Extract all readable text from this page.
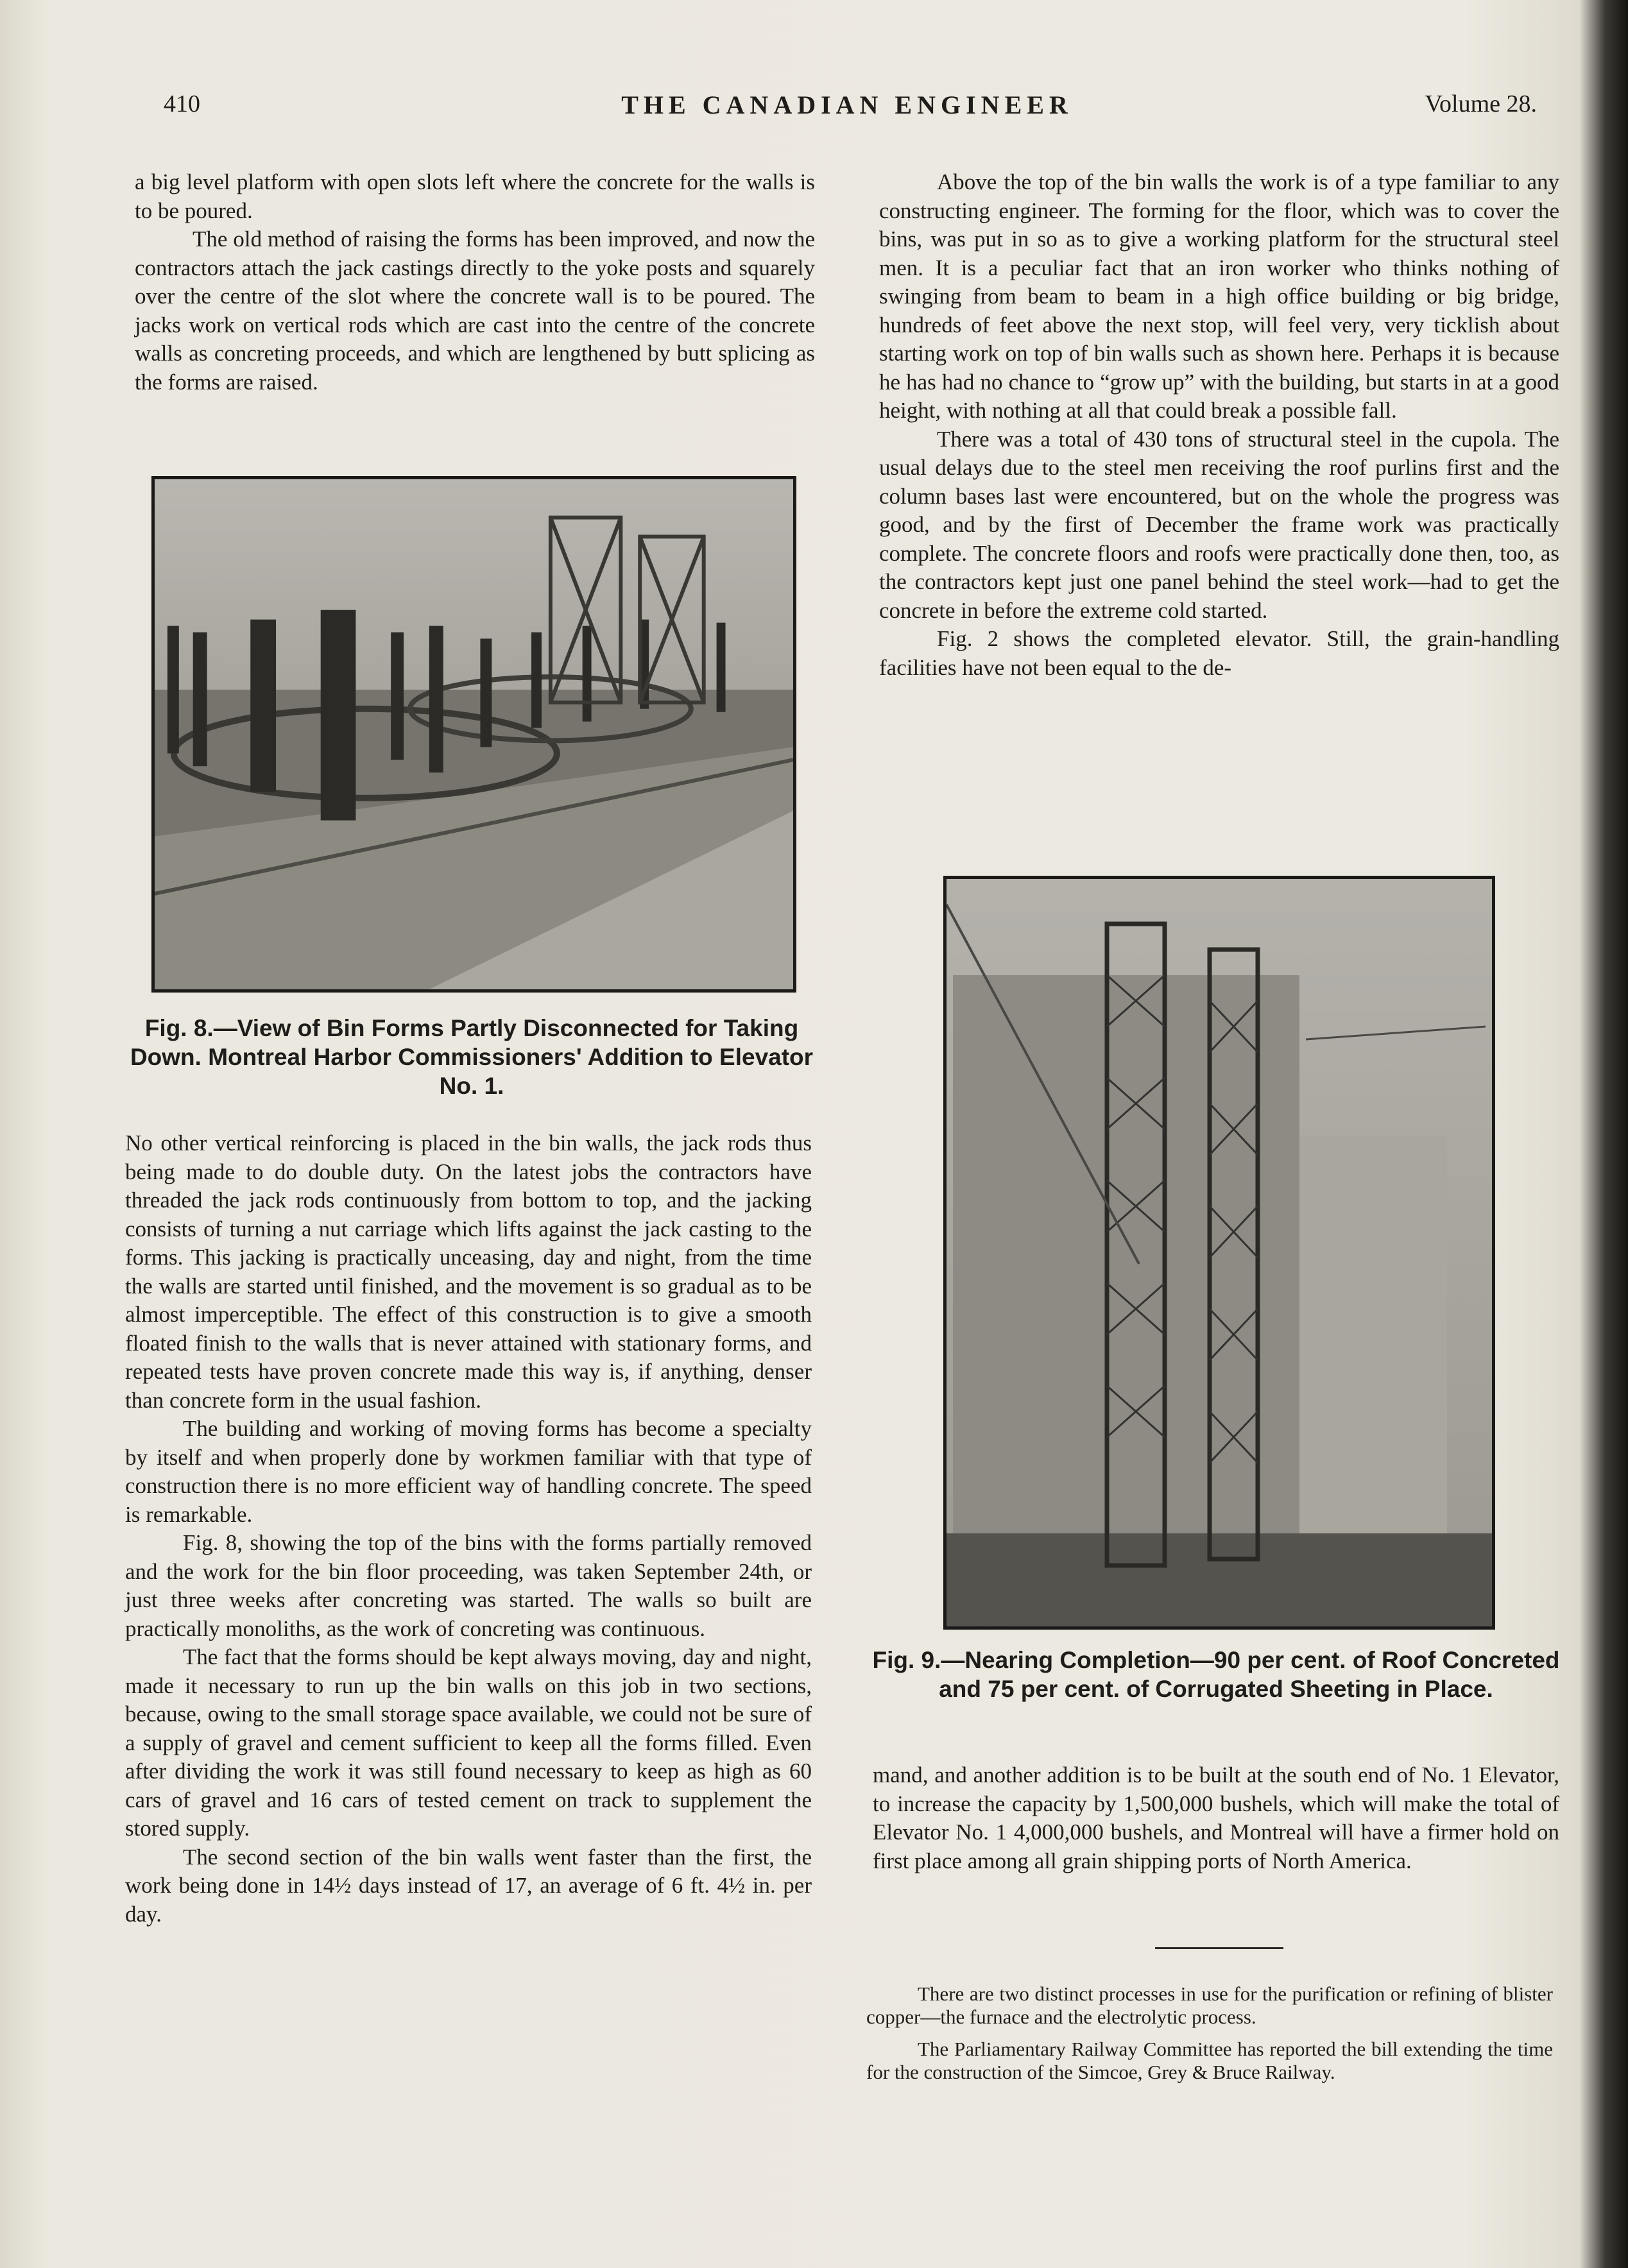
410	THE CANADIAN ENGINEER	Volume 28.

a big level platform with open slots left where the concrete for the walls is to be poured.

The old method of raising the forms has been improved, and now the contractors attach the jack castings directly to the yoke posts and squarely over the centre of the slot where the concrete wall is to be poured. The jacks work on vertical rods which are cast into the centre of the concrete walls as concreting proceeds, and which are lengthened by butt splicing as the forms are raised.

Fig. 8.—View of Bin Forms Partly Disconnected for Taking Down. Montreal Harbor Commissioners' Addition to Elevator No. 1.

No other vertical reinforcing is placed in the bin walls, the jack rods thus being made to do double duty. On the latest jobs the contractors have threaded the jack rods continuously from bottom to top, and the jacking consists of turning a nut carriage which lifts against the jack casting to the forms. This jacking is practically unceasing, day and night, from the time the walls are started until finished, and the movement is so gradual as to be almost imperceptible. The effect of this construction is to give a smooth floated finish to the walls that is never attained with stationary forms, and repeated tests have proven concrete made this way is, if anything, denser than concrete form in the usual fashion.

The building and working of moving forms has become a specialty by itself and when properly done by workmen familiar with that type of construction there is no more efficient way of handling concrete. The speed is remarkable.

Fig. 8, showing the top of the bins with the forms partially removed and the work for the bin floor proceeding, was taken September 24th, or just three weeks after concreting was started. The walls so built are practically monoliths, as the work of concreting was continuous.

The fact that the forms should be kept always moving, day and night, made it necessary to run up the bin walls on this job in two sections, because, owing to the small storage space available, we could not be sure of a supply of gravel and cement sufficient to keep all the forms filled. Even after dividing the work it was still found necessary to keep as high as 60 cars of gravel and 16 cars of tested cement on track to supplement the stored supply.

The second section of the bin walls went faster than the first, the work being done in 14½ days instead of 17, an average of 6 ft. 4½ in. per day.

Above the top of the bin walls the work is of a type familiar to any constructing engineer. The forming for the floor, which was to cover the bins, was put in so as to give a working platform for the structural steel men. It is a peculiar fact that an iron worker who thinks nothing of swinging from beam to beam in a high office building or big bridge, hundreds of feet above the next stop, will feel very, very ticklish about starting work on top of bin walls such as shown here. Perhaps it is because he has had no chance to “grow up” with the building, but starts in at a good height, with nothing at all that could break a possible fall.

There was a total of 430 tons of structural steel in the cupola. The usual delays due to the steel men receiving the roof purlins first and the column bases last were encountered, but on the whole the progress was good, and by the first of December the frame work was practically complete. The concrete floors and roofs were practically done then, too, as the contractors kept just one panel behind the steel work—had to get the concrete in before the extreme cold started.

Fig. 2 shows the completed elevator. Still, the grain-handling facilities have not been equal to the de-

Fig. 9.—Nearing Completion—90 per cent. of Roof Concreted and 75 per cent. of Corrugated Sheeting in Place.

mand, and another addition is to be built at the south end of No. 1 Elevator, to increase the capacity by 1,500,000 bushels, which will make the total of Elevator No. 1 4,000,000 bushels, and Montreal will have a firmer hold on first place among all grain shipping ports of North America.

There are two distinct processes in use for the purification or refining of blister copper—the furnace and the electrolytic process.

The Parliamentary Railway Committee has reported the bill extending the time for the construction of the Simcoe, Grey & Bruce Railway.
